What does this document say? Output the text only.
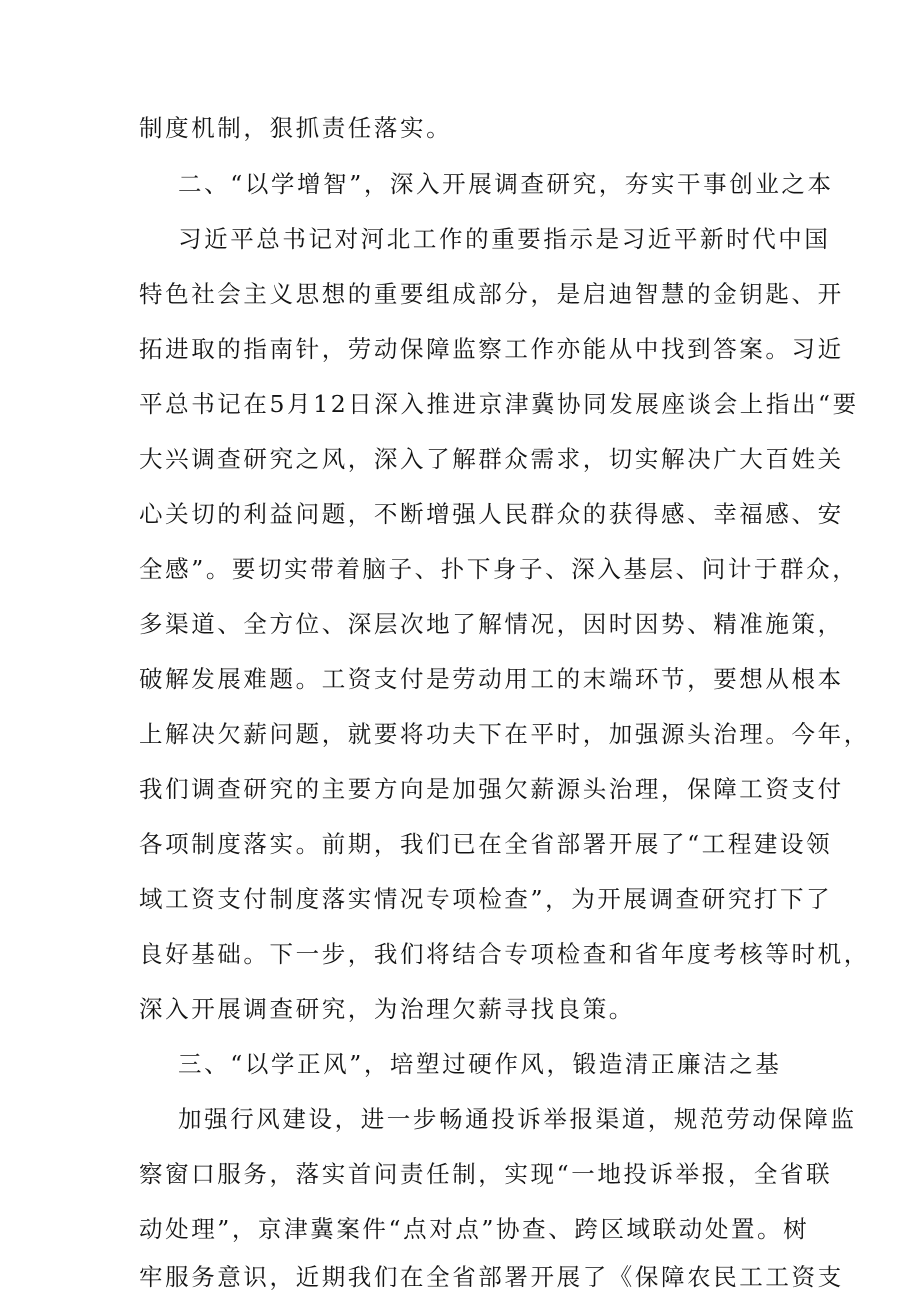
制度机制，狠抓责任落实。

二、“以学增智”，深入开展调查研究，夯实干事创业之本

习近平总书记对河北工作的重要指示是习近平新时代中国

特色社会主义思想的重要组成部分，是启迪智慧的金钥匙、开

拓进取的指南针，劳动保障监察工作亦能从中找到答案。习近

平总书记在5月12日深入推进京津冀协同发展座谈会上指出“要

大兴调查研究之风，深入了解群众需求，切实解决广大百姓关

心关切的利益问题，不断增强人民群众的获得感、幸福感、安

全感”。要切实带着脑子、扑下身子、深入基层、问计于群众，

多渠道、全方位、深层次地了解情况，因时因势、精准施策，

破解发展难题。工资支付是劳动用工的末端环节，要想从根本

上解决欠薪问题，就要将功夫下在平时，加强源头治理。今年，

我们调查研究的主要方向是加强欠薪源头治理，保障工资支付

各项制度落实。前期，我们已在全省部署开展了“工程建设领

域工资支付制度落实情况专项检查”，为开展调查研究打下了

良好基础。下一步，我们将结合专项检查和省年度考核等时机，

深入开展调查研究，为治理欠薪寻找良策。

三、“以学正风”，培塑过硬作风，锻造清正廉洁之基

加强行风建设，进一步畅通投诉举报渠道，规范劳动保障监

察窗口服务，落实首问责任制，实现“一地投诉举报，全省联

动处理”，京津冀案件“点对点”协查、跨区域联动处置。树

牢服务意识，近期我们在全省部署开展了《保障农民工工资支
